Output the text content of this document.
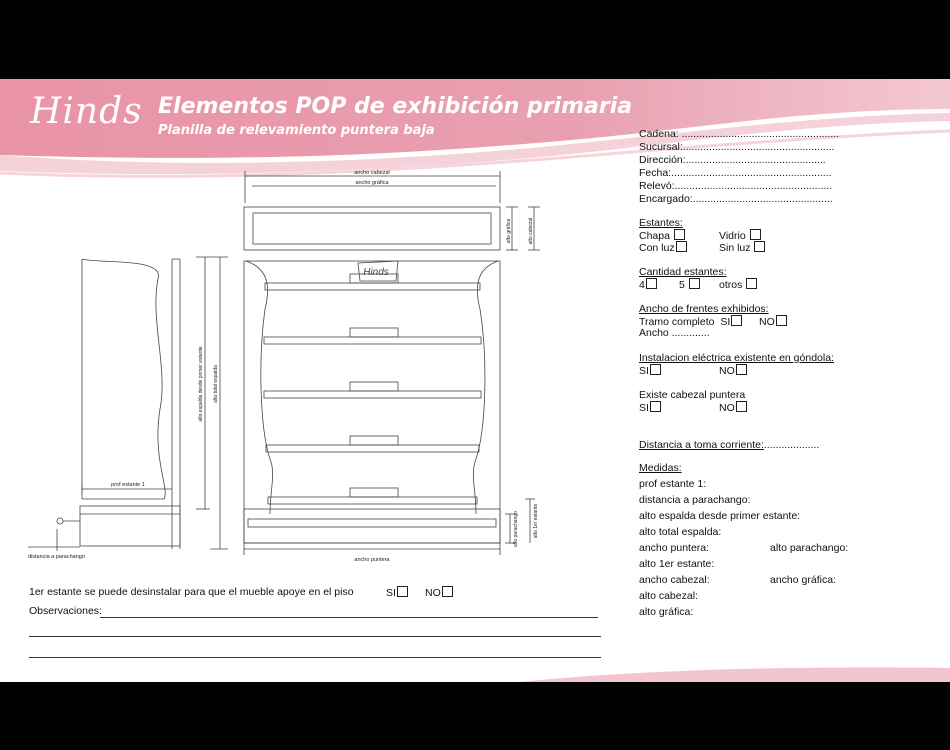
Hinds Elementos POP de exhibición primaria
Planilla de relevamiento puntera baja
ancho cabezal
ancho gráfica
alto gráfica	alto cabezal
alto espalda desde primer estante alto total espalda
prof estante 1
distancia a parachango	ancho puntera
alto parachango	alto 1er estante
Hinds
Cadena: ......................................................
Sucursal:....................................................
Dirección:................................................
Fecha:.......................................................
Relevó:......................................................
Encargado:................................................
Estantes:
Chapa	Vidrio
Con luz	Sin luz
Cantidad estantes:
4	5	otros
Ancho de frentes exhibidos:
Tramo completo SI	NO
Ancho .............
Instalacion eléctrica existente en góndola:
SI	NO
Existe cabezal puntera
SI	NO
Distancia a toma corriente:...................
Medidas:
prof estante 1:
distancia a parachango:
alto espalda desde primer estante:
alto total espalda:
ancho puntera:	alto parachango:
alto 1er estante:
ancho cabezal:	ancho gráfica:
alto cabezal:
alto gráfica:
1er estante se puede desinstalar para que el mueble apoye en el piso	SI	NO
Observaciones:
